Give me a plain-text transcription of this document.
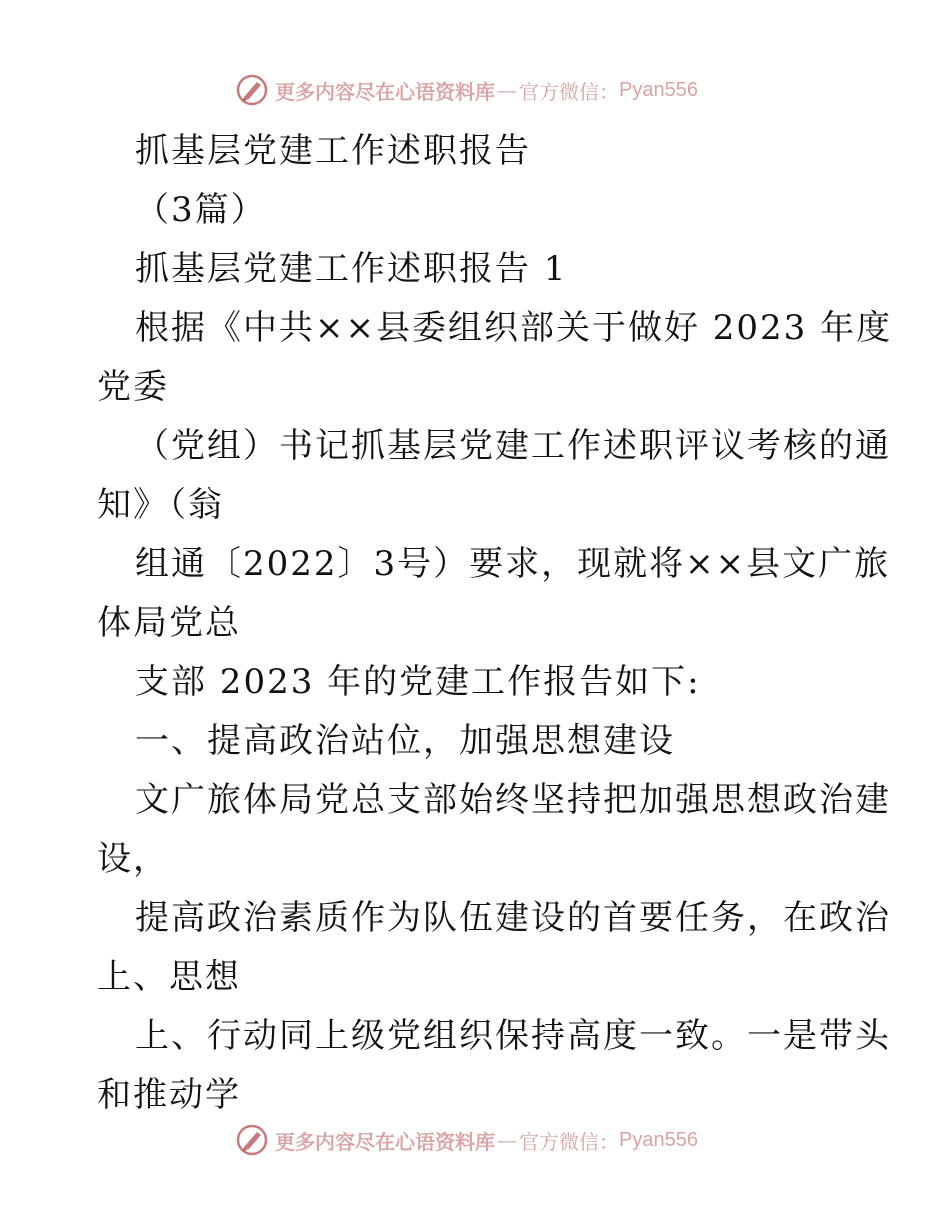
更多内容尽在心语资料库 — 官方微信： Pyan556
抓基层党建工作述职报告
（3篇）
抓基层党建工作述职报告 1
根据《中共××县委组织部关于做好 2023 年度
党委
（党组）书记抓基层党建工作述职评议考核的通
知》（翁
组通〔2022〕3号）要求，现就将××县文广旅
体局党总
支部 2023 年的党建工作报告如下:
一、提高政治站位，加强思想建设
文广旅体局党总支部始终坚持把加强思想政治建
设，
提高政治素质作为队伍建设的首要任务，在政治
上、思想
上、行动同上级党组织保持高度一致。一是带头
和推动学
更多内容尽在心语资料库 — 官方微信： Pyan556
